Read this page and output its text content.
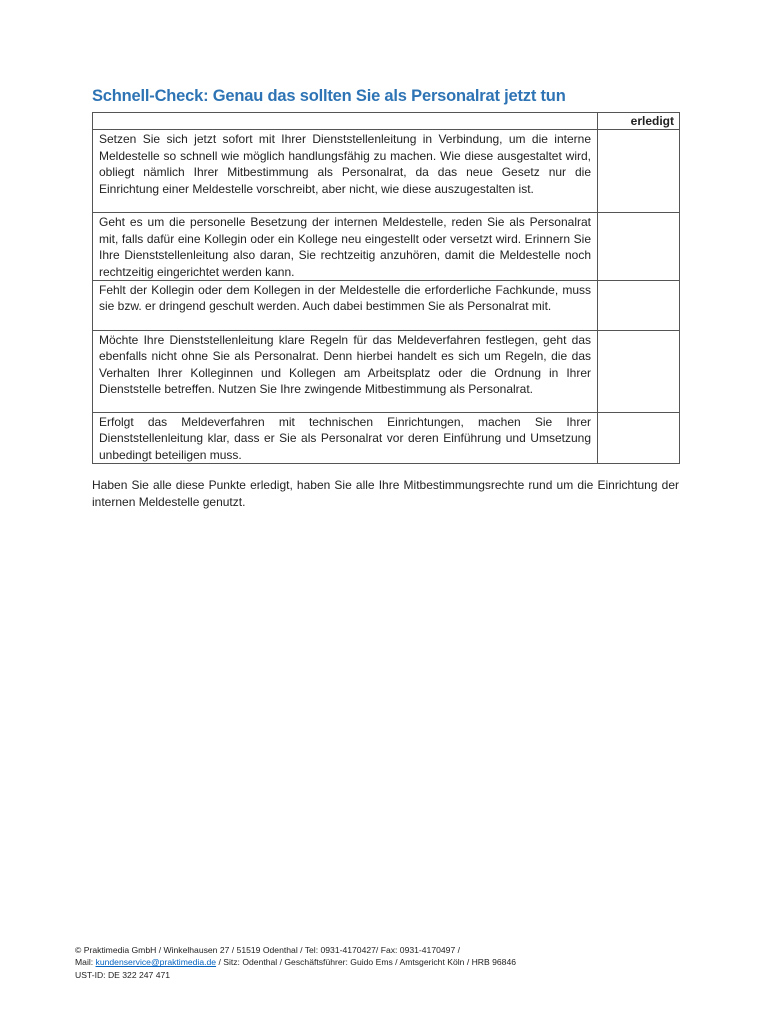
Schnell-Check: Genau das sollten Sie als Personalrat jetzt tun
	erledigt
Setzen Sie sich jetzt sofort mit Ihrer Dienststellenleitung in Verbindung, um die interne Meldestelle so schnell wie möglich handlungsfähig zu machen. Wie diese ausgestaltet wird, obliegt nämlich Ihrer Mitbestimmung als Personalrat, da das neue Gesetz nur die Einrichtung einer Meldestelle vorschreibt, aber nicht, wie diese auszugestalten ist.	
Geht es um die personelle Besetzung der internen Meldestelle, reden Sie als Personalrat mit, falls dafür eine Kollegin oder ein Kollege neu eingestellt oder versetzt wird. Erinnern Sie Ihre Dienststellenleitung also daran, Sie rechtzeitig anzuhören, damit die Meldestelle noch rechtzeitig eingerichtet werden kann.	
Fehlt der Kollegin oder dem Kollegen in der Meldestelle die erforderliche Fachkunde, muss sie bzw. er dringend geschult werden. Auch dabei bestimmen Sie als Personalrat mit.	
Möchte Ihre Dienststellenleitung klare Regeln für das Meldeverfahren festlegen, geht das ebenfalls nicht ohne Sie als Personalrat. Denn hierbei handelt es sich um Regeln, die das Verhalten Ihrer Kolleginnen und Kollegen am Arbeitsplatz oder die Ordnung in Ihrer Dienststelle betreffen. Nutzen Sie Ihre zwingende Mitbestimmung als Personalrat.	
Erfolgt das Meldeverfahren mit technischen Einrichtungen, machen Sie Ihrer Dienststellenleitung klar, dass er Sie als Personalrat vor deren Einführung und Umsetzung unbedingt beteiligen muss.	
Haben Sie alle diese Punkte erledigt, haben Sie alle Ihre Mitbestimmungsrechte rund um die Einrichtung der internen Meldestelle genutzt.
© Praktimedia GmbH / Winkelhausen 27 / 51519 Odenthal / Tel: 0931-4170427/ Fax: 0931-4170497 /
Mail: kundenservice@praktimedia.de / Sitz: Odenthal / Geschäftsführer: Guido Ems / Amtsgericht Köln / HRB 96846
UST-ID: DE 322 247 471
